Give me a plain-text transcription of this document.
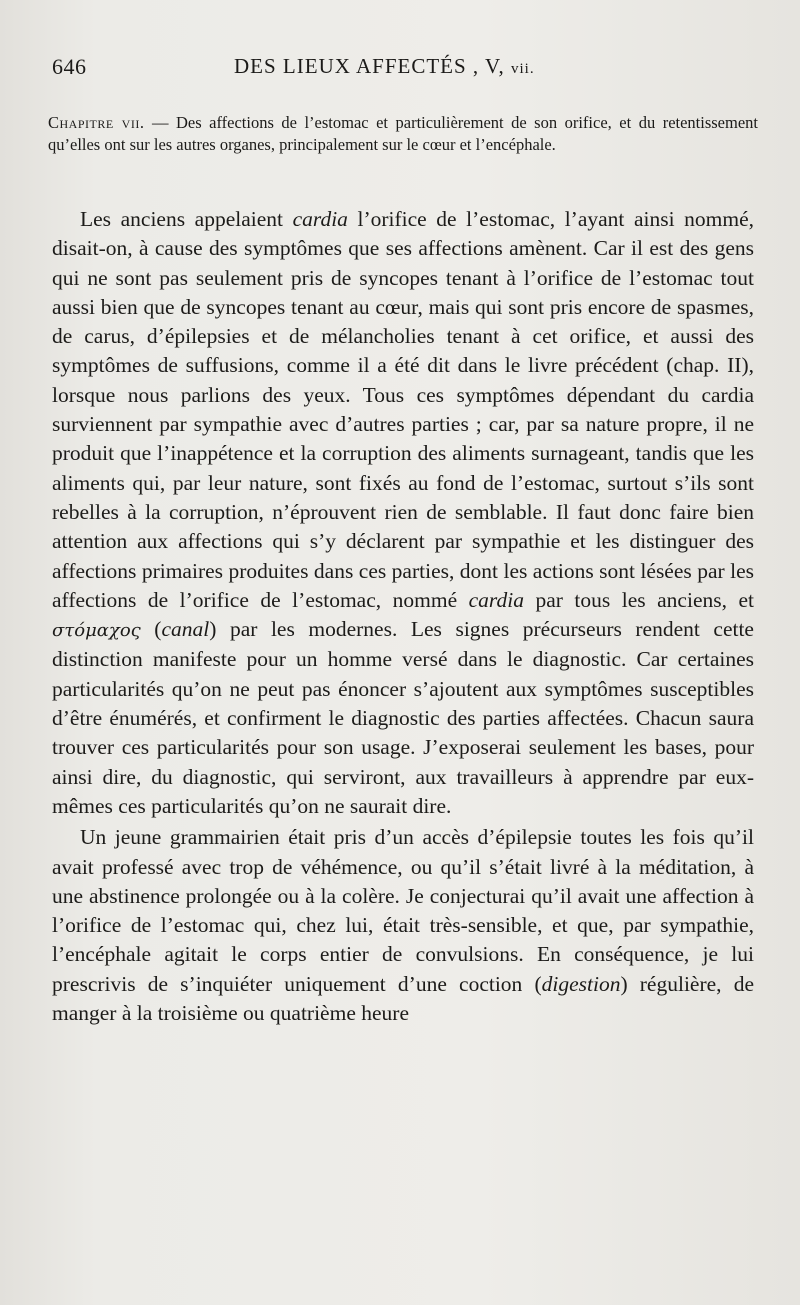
646	DES LIEUX AFFECTÉS , V, vii.
Chapitre vii. — Des affections de l’estomac et particulièrement de son orifice, et du retentissement qu’elles ont sur les autres organes, principalement sur le cœur et l’encéphale.

Les anciens appelaient cardia l’orifice de l’estomac, l’ayant ainsi nommé, disait-on, à cause des symptômes que ses affections amènent. Car il est des gens qui ne sont pas seulement pris de syncopes tenant à l’orifice de l’estomac tout aussi bien que de syncopes tenant au cœur, mais qui sont pris encore de spasmes, de carus, d’épilepsies et de mélancholies tenant à cet orifice, et aussi des symptômes de suffusions, comme il a été dit dans le livre précédent (chap. II), lorsque nous parlions des yeux. Tous ces symptômes dépendant du cardia surviennent par sympathie avec d’autres parties ; car, par sa nature propre, il ne produit que l’inappétence et la corruption des aliments surnageant, tandis que les aliments qui, par leur nature, sont fixés au fond de l’estomac, surtout s’ils sont rebelles à la corruption, n’éprouvent rien de semblable. Il faut donc faire bien attention aux affections qui s’y déclarent par sympathie et les distinguer des affections primaires produites dans ces parties, dont les actions sont lésées par les affections de l’orifice de l’estomac, nommé cardia par tous les anciens, et στόμαχος (canal) par les modernes. Les signes précurseurs rendent cette distinction manifeste pour un homme versé dans le diagnostic. Car certaines particularités qu’on ne peut pas énoncer s’ajoutent aux symptômes susceptibles d’être énumérés, et confirment le diagnostic des parties affectées. Chacun saura trouver ces particularités pour son usage. J’exposerai seulement les bases, pour ainsi dire, du diagnostic, qui serviront, aux travailleurs à apprendre par eux-mêmes ces particularités qu’on ne saurait dire.

Un jeune grammairien était pris d’un accès d’épilepsie toutes les fois qu’il avait professé avec trop de véhémence, ou qu’il s’était livré à la méditation, à une abstinence prolongée ou à la colère. Je conjecturai qu’il avait une affection à l’orifice de l’estomac qui, chez lui, était très-sensible, et que, par sympathie, l’encéphale agitait le corps entier de convulsions. En conséquence, je lui prescrivis de s’inquiéter uniquement d’une coction (digestion) régulière, de manger à la troisième ou quatrième heure
